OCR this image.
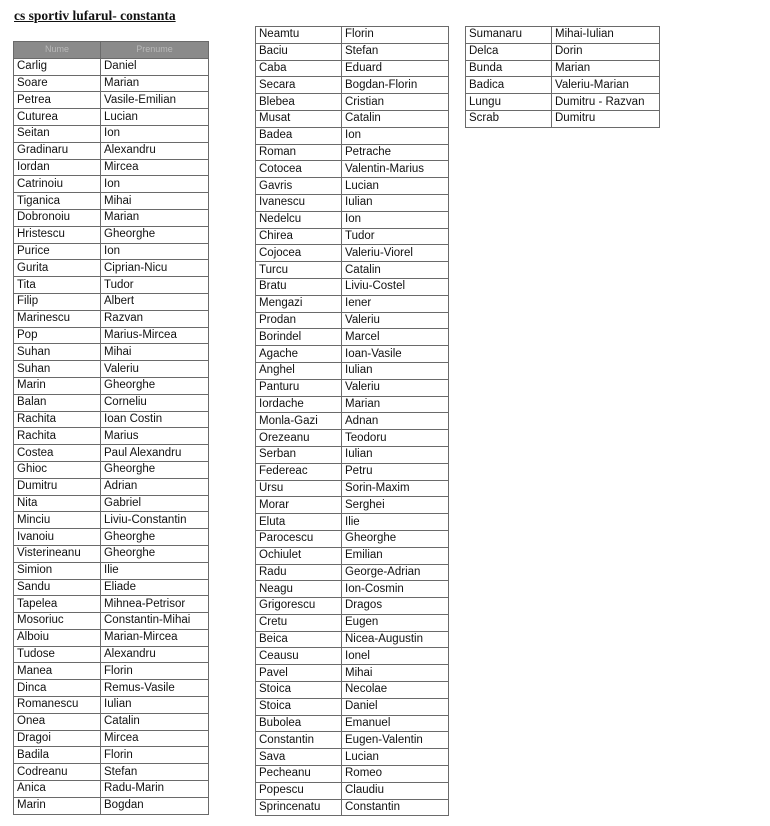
cs sportiv lufarul- constanta
Nume	Prenume
Carlig	Daniel
Soare	Marian
Petrea	Vasile-Emilian
Cuturea	Lucian
Seitan	Ion
Gradinaru	Alexandru
Iordan	Mircea
Catrinoiu	Ion
Tiganica	Mihai
Dobronoiu	Marian
Hristescu	Gheorghe
Purice	Ion
Gurita	Ciprian-Nicu
Tita	Tudor
Filip	Albert
Marinescu	Razvan
Pop	Marius-Mircea
Suhan	Mihai
Suhan	Valeriu
Marin	Gheorghe
Balan	Corneliu
Rachita	Ioan Costin
Rachita	Marius
Costea	Paul Alexandru
Ghioc	Gheorghe
Dumitru	Adrian
Nita	Gabriel
Minciu	Liviu-Constantin
Ivanoiu	Gheorghe
Visterineanu	Gheorghe
Simion	Ilie
Sandu	Eliade
Tapelea	Mihnea-Petrisor
Mosoriuc	Constantin-Mihai
Alboiu	Marian-Mircea
Tudose	Alexandru
Manea	Florin
Dinca	Remus-Vasile
Romanescu	Iulian
Onea	Catalin
Dragoi	Mircea
Badila	Florin
Codreanu	Stefan
Anica	Radu-Marin
Marin	Bogdan
Neamtu	Florin
Baciu	Stefan
Caba	Eduard
Secara	Bogdan-Florin
Blebea	Cristian
Musat	Catalin
Badea	Ion
Roman	Petrache
Cotocea	Valentin-Marius
Gavris	Lucian
Ivanescu	Iulian
Nedelcu	Ion
Chirea	Tudor
Cojocea	Valeriu-Viorel
Turcu	Catalin
Bratu	Liviu-Costel
Mengazi	Iener
Prodan	Valeriu
Borindel	Marcel
Agache	Ioan-Vasile
Anghel	Iulian
Panturu	Valeriu
Iordache	Marian
Monla-Gazi	Adnan
Orezeanu	Teodoru
Serban	Iulian
Federeac	Petru
Ursu	Sorin-Maxim
Morar	Serghei
Eluta	Ilie
Parocescu	Gheorghe
Ochiulet	Emilian
Radu	George-Adrian
Neagu	Ion-Cosmin
Grigorescu	Dragos
Cretu	Eugen
Beica	Nicea-Augustin
Ceausu	Ionel
Pavel	Mihai
Stoica	Necolae
Stoica	Daniel
Bubolea	Emanuel
Constantin	Eugen-Valentin
Sava	Lucian
Pecheanu	Romeo
Popescu	Claudiu
Sprincenatu	Constantin
Sumanaru	Mihai-Iulian
Delca	Dorin
Bunda	Marian
Badica	Valeriu-Marian
Lungu	Dumitru - Razvan
Scrab	Dumitru
